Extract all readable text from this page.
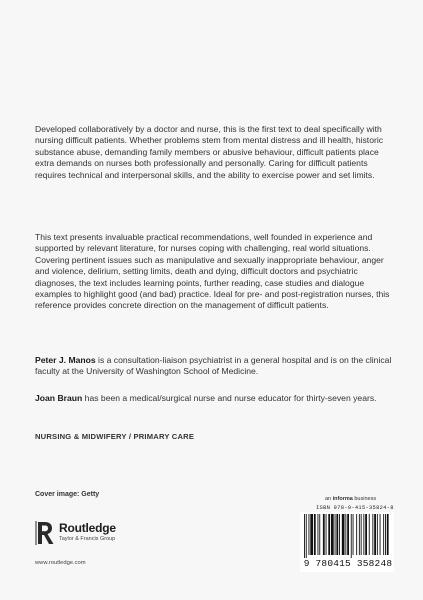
Developed collaboratively by a doctor and nurse, this is the first text to deal specifically with nursing difficult patients. Whether problems stem from mental distress and ill health, historic substance abuse, demanding family members or abusive behaviour, difficult patients place extra demands on nurses both professionally and personally. Caring for difficult patients requires technical and interpersonal skills, and the ability to exercise power and set limits.

This text presents invaluable practical recommendations, well founded in experience and supported by relevant literature, for nurses coping with challenging, real world situations. Covering pertinent issues such as manipulative and sexually inappropriate behaviour, anger and violence, delirium, setting limits, death and dying, difficult doctors and psychiatric diagnoses, the text includes learning points, further reading, case studies and dialogue examples to highlight good (and bad) practice. Ideal for pre- and post-registration nurses, this reference provides concrete direction on the management of difficult patients.

Peter J. Manos is a consultation-liaison psychiatrist in a general hospital and is on the clinical faculty at the University of Washington School of Medicine.

Joan Braun has been a medical/surgical nurse and nurse educator for thirty-seven years.

NURSING & MIDWIFERY / PRIMARY CARE
Cover image: Getty
Routledge
Taylor & Francis Group
www.routledge.com
an informa business
ISBN 978-0-415-35824-8
9 780415 358248
